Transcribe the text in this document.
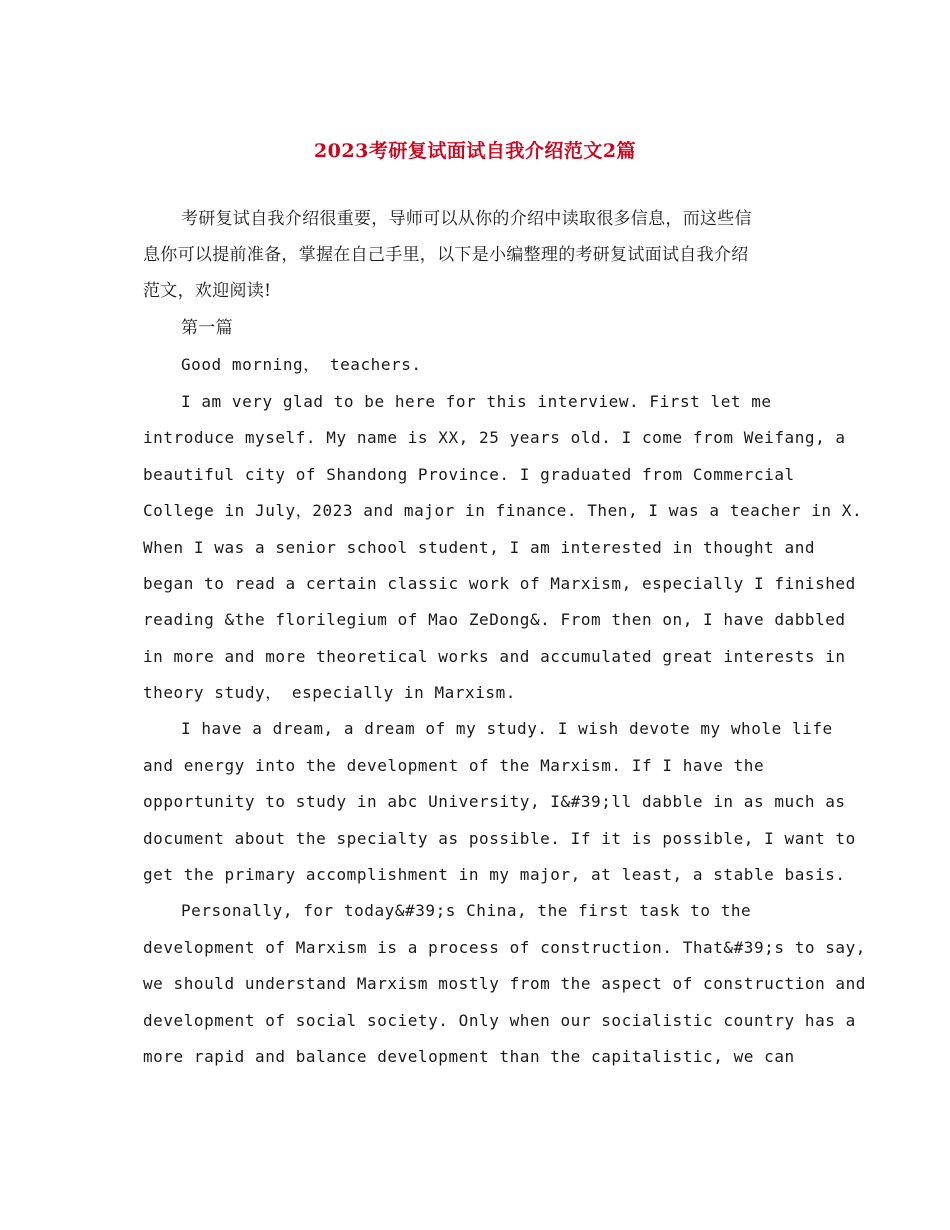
2023考研复试面试自我介绍范文2篇
考研复试自我介绍很重要，导师可以从你的介绍中读取很多信息，而这些信
息你可以提前准备，掌握在自己手里，以下是小编整理的考研复试面试自我介绍
范文，欢迎阅读!
第一篇
Good morning， teachers.
I am very glad to be here for this interview. First let me
introduce myself. My name is XX, 25 years old. I come from Weifang, a
beautiful city of Shandong Province. I graduated from Commercial
College in July，2023 and major in finance. Then, I was a teacher in X.
When I was a senior school student, I am interested in thought and
began to read a certain classic work of Marxism, especially I finished
reading &the florilegium of Mao ZeDong&. From then on, I have dabbled
in more and more theoretical works and accumulated great interests in
theory study， especially in Marxism.
I have a dream, a dream of my study. I wish devote my whole life
and energy into the development of the Marxism. If I have the
opportunity to study in abc University, I&#39;ll dabble in as much as
document about the specialty as possible. If it is possible, I want to
get the primary accomplishment in my major, at least, a stable basis.
Personally, for today&#39;s China, the first task to the
development of Marxism is a process of construction. That&#39;s to say,
we should understand Marxism mostly from the aspect of construction and
development of social society. Only when our socialistic country has a
more rapid and balance development than the capitalistic, we can
